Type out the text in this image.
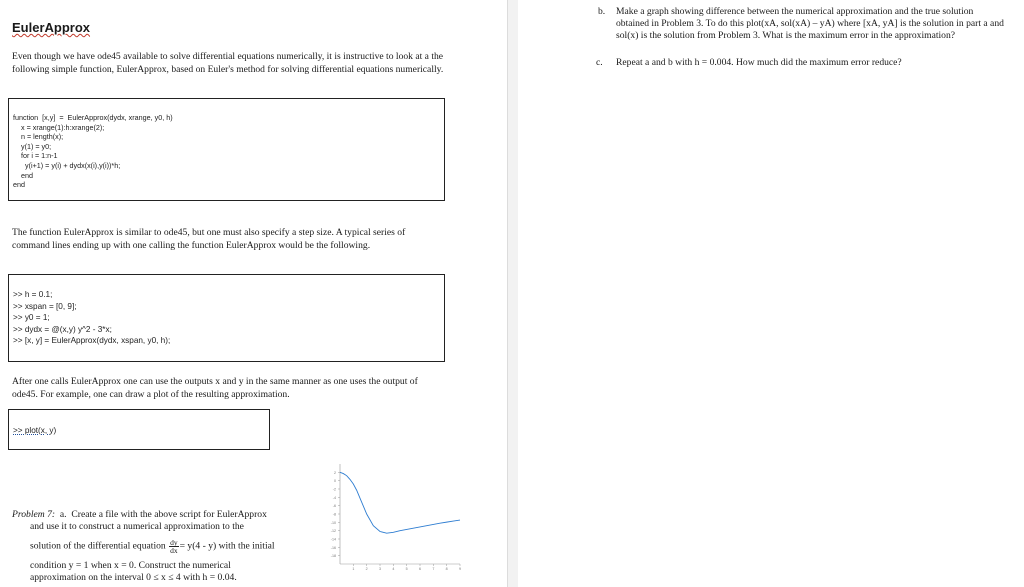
EulerApprox

Even though we have ode45 available to solve differential equations numerically, it is instructive to look at a the following simple function, EulerApprox, based on Euler's method for solving differential equations numerically.

function  [x,y]  =  EulerApprox(dydx, xrange, y0, h)
x = xrange(1):h:xrange(2);
n = length(x);
y(1) = y0;
for i = 1:n-1
y(i+1) = y(i) + dydx(x(i),y(i))*h;
end
end

The function EulerApprox is similar to ode45, but one must also specify a step size. A typical series of command lines ending up with one calling the function EulerApprox would be the following.

>> h = 0.1;
>> xspan = [0, 9];
>> y0 = 1;
>> dydx = @(x,y) y^2 - 3*x;
>> [x, y] = EulerApprox(dydx, xspan, y0, h);

After one calls EulerApprox one can use the outputs x and y in the same manner as one uses the output of ode45. For example, one can draw a plot of the resulting approximation.

>> plot(x, y)

Problem 7: a. Create a file with the above script for EulerApprox

and use it to construct a numerical approximation to the

solution of the differential equation $\frac{dy}{dx} = y(4 - y)$ with the initial

condition y = 1 when x = 0. Construct the numerical

approximation on the interval 0 ≤ x ≤ 4 with h = 0.04.

2
0
-2
-4
-6
-8
-10
-12
-14
-16
-18
1	2	3	4	5	6	7	8	9
b. Make a graph showing difference between the numerical approximation and the true solution obtained in Problem 3. To do this plot(xA, sol(xA) – yA) where [xA, yA] is the solution in part a and sol(x) is the solution from Problem 3. What is the maximum error in the approximation?

c. Repeat a and b with h = 0.004. How much did the maximum error reduce?
